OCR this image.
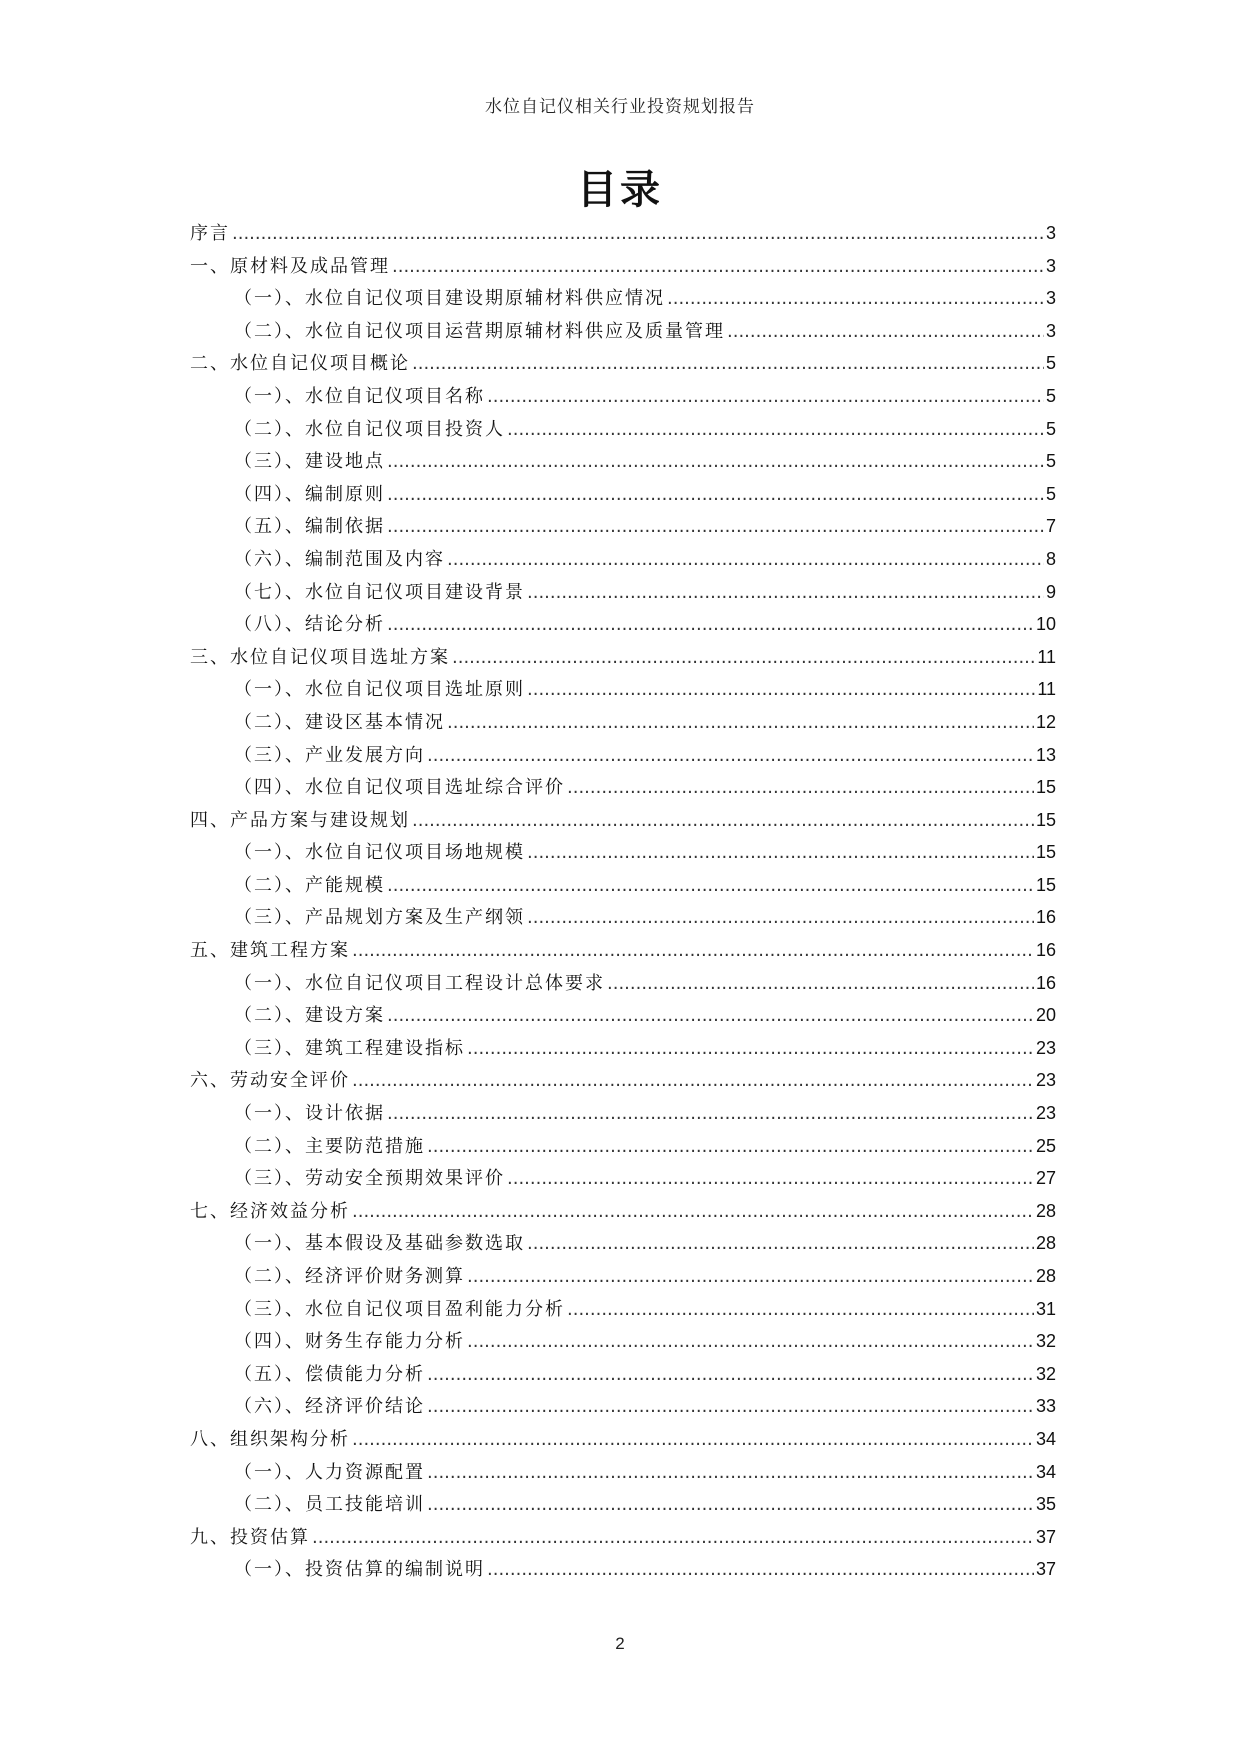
水位自记仪相关行业投资规划报告
目录
序言 .....	3
一、原材料及成品管理 .....	3
（一）、水位自记仪项目建设期原辅材料供应情况 .....	3
（二）、水位自记仪项目运营期原辅材料供应及质量管理 .....	3
二、水位自记仪项目概论 .....	5
（一）、水位自记仪项目名称 .....	5
（二）、水位自记仪项目投资人 .....	5
（三）、建设地点 .....	5
（四）、编制原则 .....	5
（五）、编制依据 .....	7
（六）、编制范围及内容 .....	8
（七）、水位自记仪项目建设背景 .....	9
（八）、结论分析 .....	10
三、水位自记仪项目选址方案 .....	11
（一）、水位自记仪项目选址原则 .....	11
（二）、建设区基本情况 .....	12
（三）、产业发展方向 .....	13
（四）、水位自记仪项目选址综合评价 .....	15
四、产品方案与建设规划 .....	15
（一）、水位自记仪项目场地规模 .....	15
（二）、产能规模 .....	15
（三）、产品规划方案及生产纲领 .....	16
五、建筑工程方案 .....	16
（一）、水位自记仪项目工程设计总体要求 .....	16
（二）、建设方案 .....	20
（三）、建筑工程建设指标 .....	23
六、劳动安全评价 .....	23
（一）、设计依据 .....	23
（二）、主要防范措施 .....	25
（三）、劳动安全预期效果评价 .....	27
七、经济效益分析 .....	28
（一）、基本假设及基础参数选取 .....	28
（二）、经济评价财务测算 .....	28
（三）、水位自记仪项目盈利能力分析 .....	31
（四）、财务生存能力分析 .....	32
（五）、偿债能力分析 .....	32
（六）、经济评价结论 .....	33
八、组织架构分析 .....	34
（一）、人力资源配置 .....	34
（二）、员工技能培训 .....	35
九、投资估算 .....	37
（一）、投资估算的编制说明 .....	37
2
